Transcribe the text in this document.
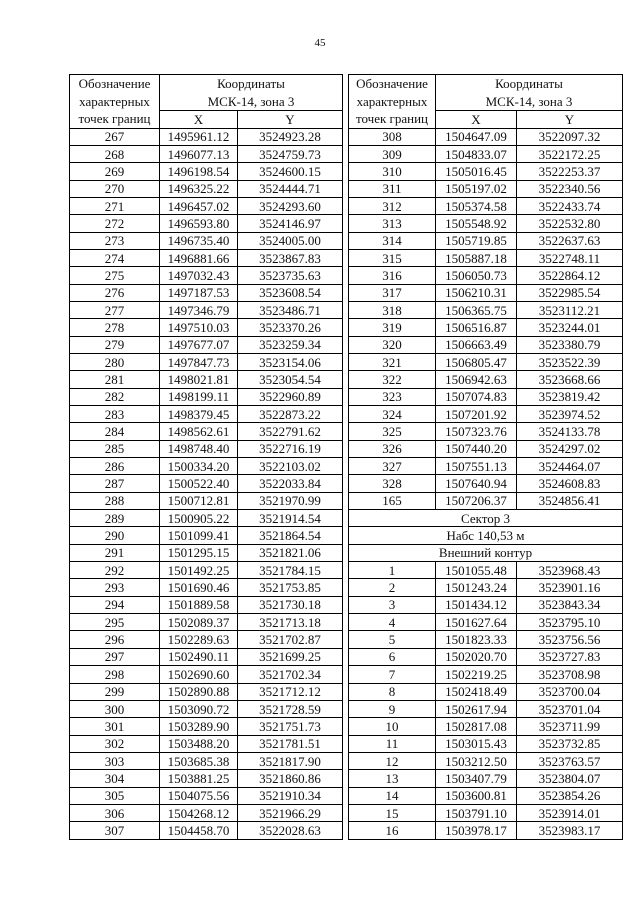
45
Обозначение
характерных
точек границ	Координаты
МСК-14, зона 3	
	X	Y
267	1495961.12	3524923.28
268	1496077.13	3524759.73
269	1496198.54	3524600.15
270	1496325.22	3524444.71
271	1496457.02	3524293.60
272	1496593.80	3524146.97
273	1496735.40	3524005.00
274	1496881.66	3523867.83
275	1497032.43	3523735.63
276	1497187.53	3523608.54
277	1497346.79	3523486.71
278	1497510.03	3523370.26
279	1497677.07	3523259.34
280	1497847.73	3523154.06
281	1498021.81	3523054.54
282	1498199.11	3522960.89
283	1498379.45	3522873.22
284	1498562.61	3522791.62
285	1498748.40	3522716.19
286	1500334.20	3522103.02
287	1500522.40	3522033.84
288	1500712.81	3521970.99
289	1500905.22	3521914.54
290	1501099.41	3521864.54
291	1501295.15	3521821.06
292	1501492.25	3521784.15
293	1501690.46	3521753.85
294	1501889.58	3521730.18
295	1502089.37	3521713.18
296	1502289.63	3521702.87
297	1502490.11	3521699.25
298	1502690.60	3521702.34
299	1502890.88	3521712.12
300	1503090.72	3521728.59
301	1503289.90	3521751.73
302	1503488.20	3521781.51
303	1503685.38	3521817.90
304	1503881.25	3521860.86
305	1504075.56	3521910.34
306	1504268.12	3521966.29
307	1504458.70	3522028.63
Обозначение
характерных
точек границ	Координаты
МСК-14, зона 3	
	X	Y
308	1504647.09	3522097.32
309	1504833.07	3522172.25
310	1505016.45	3522253.37
311	1505197.02	3522340.56
312	1505374.58	3522433.74
313	1505548.92	3522532.80
314	1505719.85	3522637.63
315	1505887.18	3522748.11
316	1506050.73	3522864.12
317	1506210.31	3522985.54
318	1506365.75	3523112.21
319	1506516.87	3523244.01
320	1506663.49	3523380.79
321	1506805.47	3523522.39
322	1506942.63	3523668.66
323	1507074.83	3523819.42
324	1507201.92	3523974.52
325	1507323.76	3524133.78
326	1507440.20	3524297.02
327	1507551.13	3524464.07
328	1507640.94	3524608.83
165	1507206.37	3524856.41
Сектор 3		
Набс 140,53 м		
Внешний контур		
1	1501055.48	3523968.43
2	1501243.24	3523901.16
3	1501434.12	3523843.34
4	1501627.64	3523795.10
5	1501823.33	3523756.56
6	1502020.70	3523727.83
7	1502219.25	3523708.98
8	1502418.49	3523700.04
9	1502617.94	3523701.04
10	1502817.08	3523711.99
11	1503015.43	3523732.85
12	1503212.50	3523763.57
13	1503407.79	3523804.07
14	1503600.81	3523854.26
15	1503791.10	3523914.01
16	1503978.17	3523983.17
